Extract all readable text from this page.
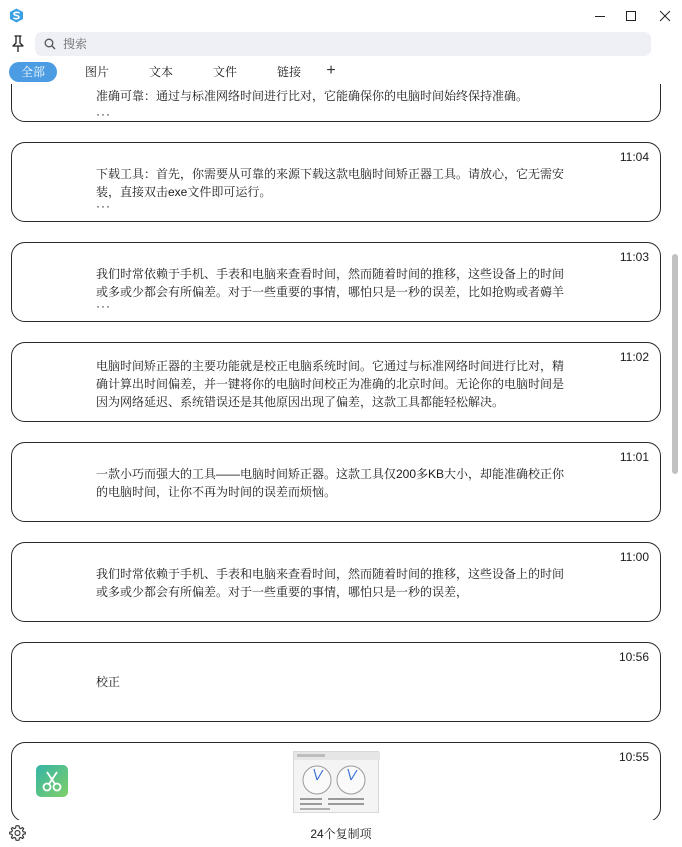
搜索
全部	图片	文本	文件	链接 +
准确可靠：通过与标准网络时间进行比对，它能确保你的电脑时间始终保持准确。
···
11:04
下载工具：首先，你需要从可靠的来源下载这款电脑时间矫正器工具。请放心，它无需安装，直接双击exe文件即可运行。
···
11:03
我们时常依赖于手机、手表和电脑来查看时间，然而随着时间的推移，这些设备上的时间或多或少都会有所偏差。对于一些重要的事情，哪怕只是一秒的误差，比如抢购或者薅羊
···
11:02
电脑时间矫正器的主要功能就是校正电脑系统时间。它通过与标准网络时间进行比对，精确计算出时间偏差，并一键将你的电脑时间校正为准确的北京时间。无论你的电脑时间是因为网络延迟、系统错误还是其他原因出现了偏差，这款工具都能轻松解决。
11:01
一款小巧而强大的工具——电脑时间矫正器。这款工具仅200多KB大小，却能准确校正你的电脑时间，让你不再为时间的误差而烦恼。
11:00
我们时常依赖于手机、手表和电脑来查看时间，然而随着时间的推移，这些设备上的时间或多或少都会有所偏差。对于一些重要的事情，哪怕只是一秒的误差，
10:56
校正
10:55
24个复制项
